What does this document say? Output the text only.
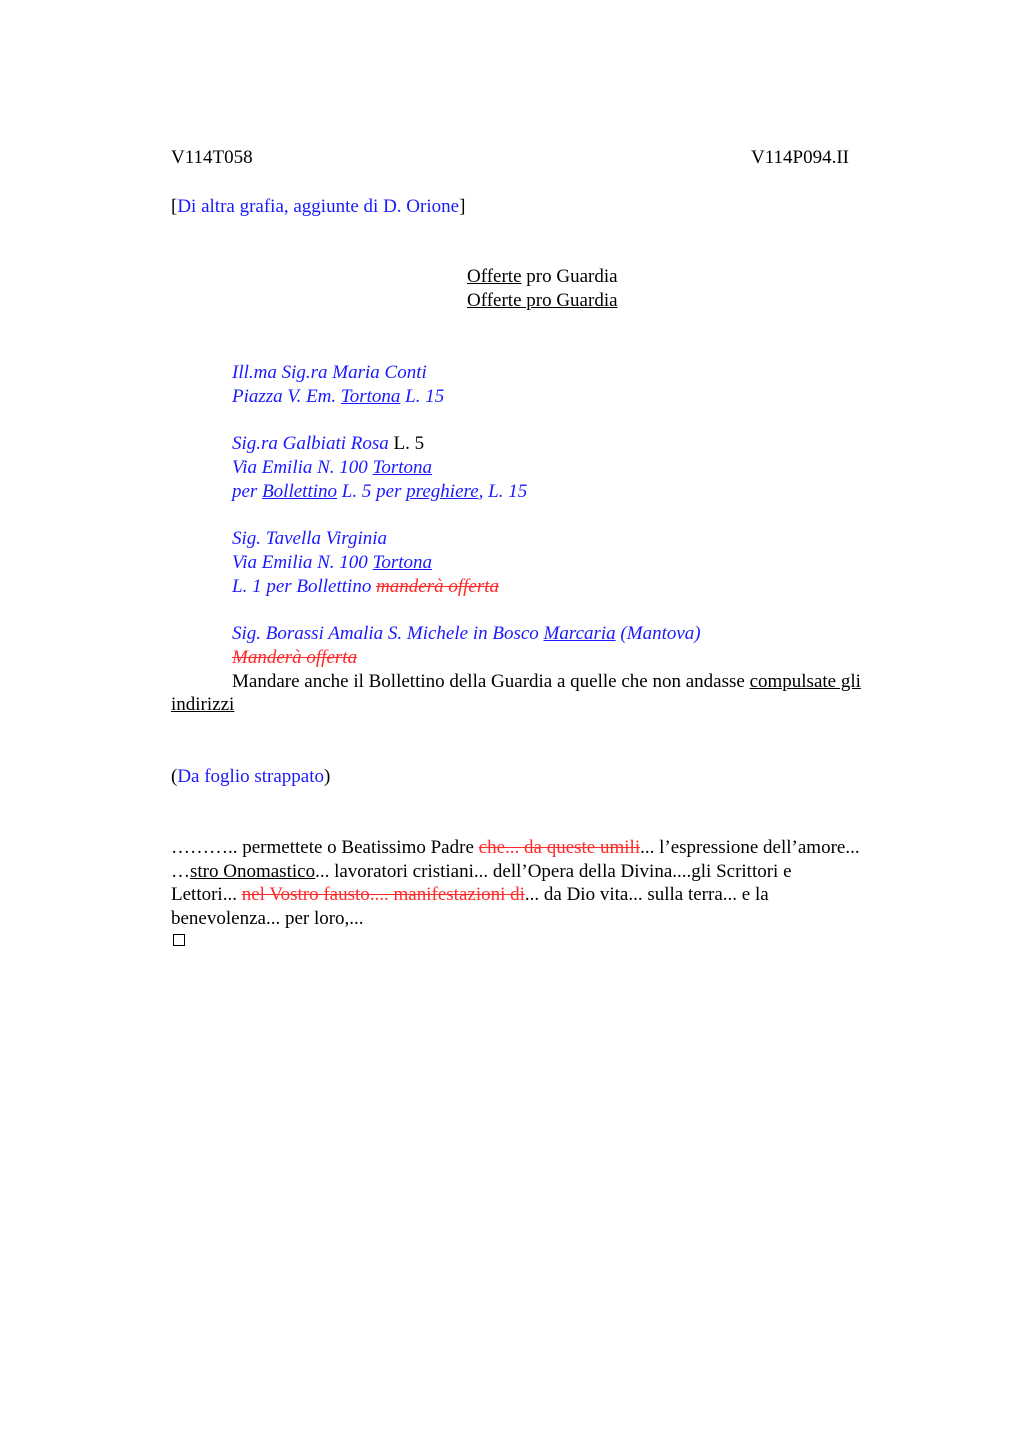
V114T058	V114P094.II
[Di altra grafia, aggiunte di D. Orione]
Offerte pro Guardia
Offerte pro Guardia
Ill.ma Sig.ra Maria Conti
Piazza V. Em. Tortona L. 15
Sig.ra Galbiati Rosa L. 5
Via Emilia N. 100 Tortona
per Bollettino L. 5 per preghiere, L. 15
Sig. Tavella Virginia
Via Emilia N. 100 Tortona
L. 1 per Bollettino manderà offerta
Sig. Borassi Amalia S. Michele in Bosco Marcaria (Mantova)
Manderà offerta
Mandare anche il Bollettino della Guardia a quelle che non andasse compulsate gli
indirizzi
(Da foglio strappato)
……….. permettete o Beatissimo Padre che... da queste umili... l’espressione dell’amore...
…stro Onomastico... lavoratori cristiani... dell’Opera della Divina....gli Scrittori e
Lettori... nel Vostro fausto.... manifestazioni di... da Dio vita... sulla terra... e la
benevolenza... per loro,...
